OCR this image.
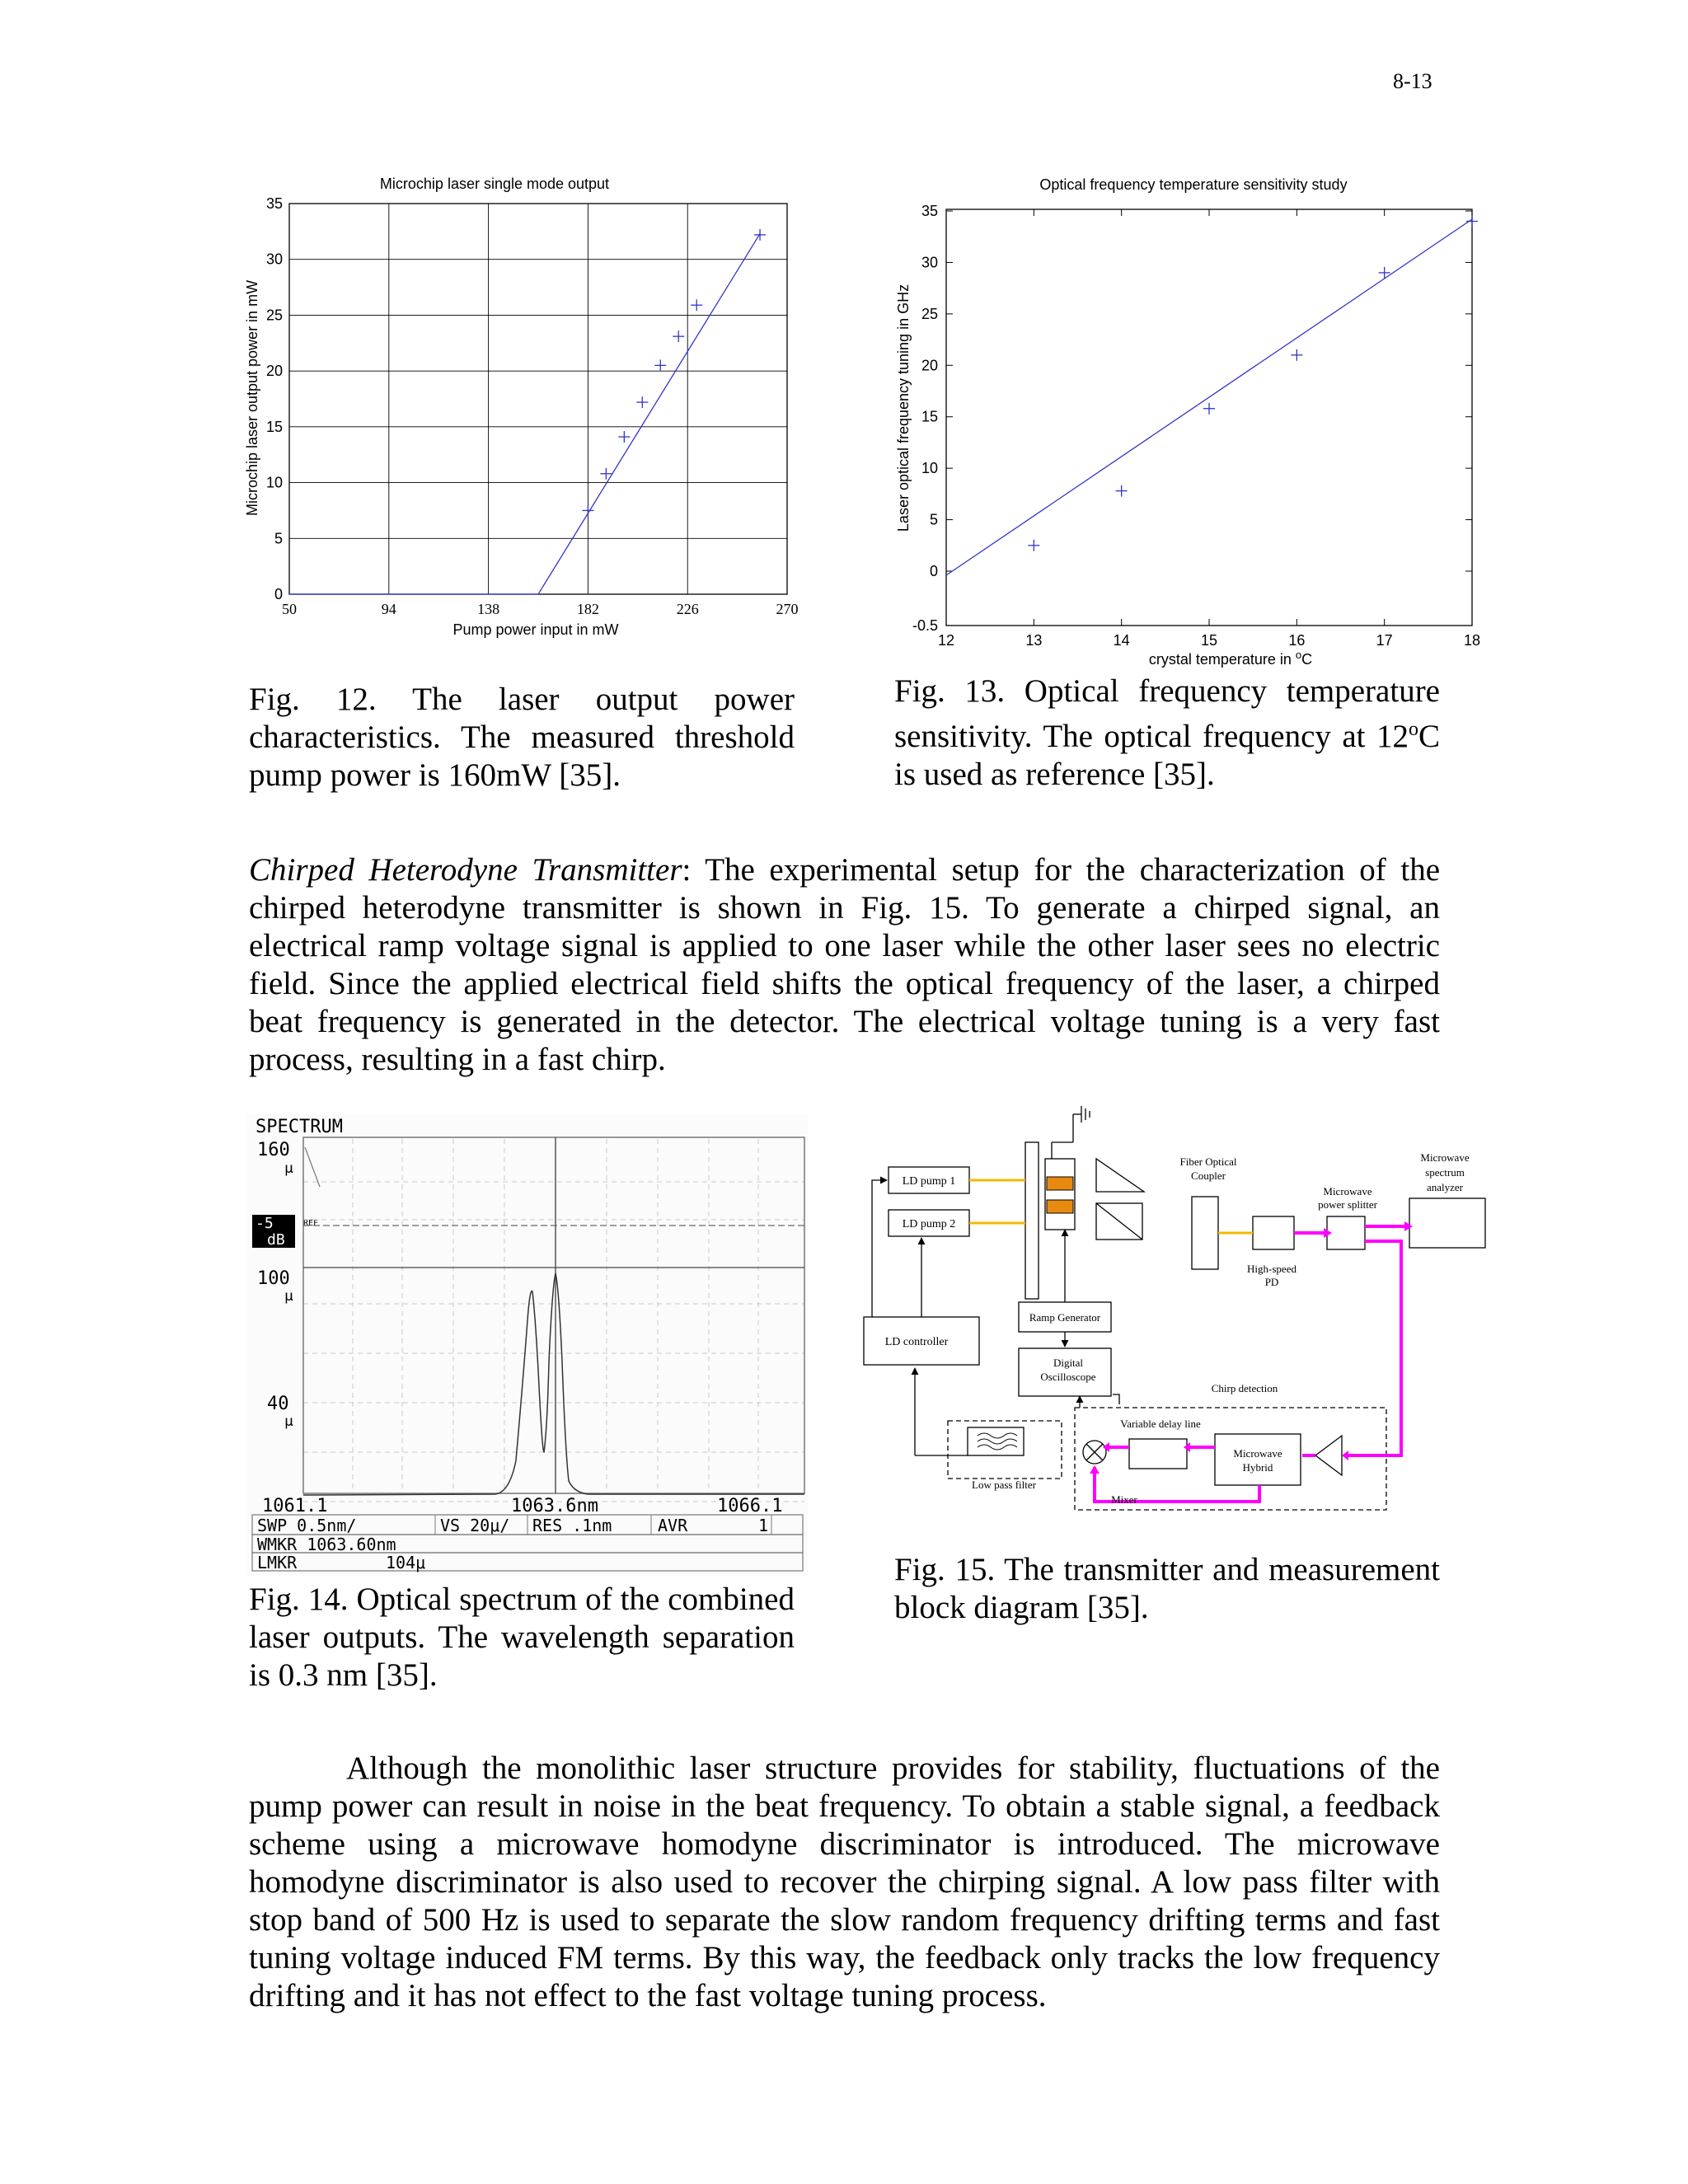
8-13
Microchip laser single mode output
50	94	138	182	226	270
0
5
10
15
20
25
30
35
Pump power input in mW
Microchip laser output power in mW
Fig. 12. The laser output power characteristics. The measured threshold pump power is 160mW [35].
Optical frequency temperature sensitivity study
12	13	14	15	16	17	18
0
5
10
15
20
25
30
35
-0.5
Laser optical frequency tuning in GHz
crystal temperature in $^o$C
Fig. 13. Optical frequency temperature sensitivity. The optical frequency at 12$^o$C is used as reference [35].
Chirped Heterodyne Transmitter: The experimental setup for the characterization of the chirped heterodyne transmitter is shown in Fig. 15. To generate a chirped signal, an electrical ramp voltage signal is applied to one laser while the other laser sees no electric field. Since the applied electrical field shifts the optical frequency of the laser, a chirped beat frequency is generated in the detector. The electrical voltage tuning is a very fast process, resulting in a fast chirp.
SPECTRUM
160
μ
-5
dB
REF
100
μ
40
μ
1061.1	1063.6nm	1066.1
SWP 0.5nm/	VS 20μ/ RES .1nm	AVR	1
WMKR 1063.60nm
LMKR	104μ
Fig. 14. Optical spectrum of the combined laser outputs. The wavelength separation is 0.3 nm [35].
LD pump 1
LD pump 2
LD controller
Ramp Generator
Digital
Oscilloscope
Fiber Optical
Coupler
Microwave
power splitter
Microwave
spectrum
analyzer
High-speed
PD
Chirp detection
Variable delay line
Microwave
Hybrid
Low pass filter
Mixer
Fig. 15. The transmitter and measurement block diagram [35].
Although the monolithic laser structure provides for stability, fluctuations of the pump power can result in noise in the beat frequency. To obtain a stable signal, a feedback scheme using a microwave homodyne discriminator is introduced. The microwave homodyne discriminator is also used to recover the chirping signal. A low pass filter with stop band of 500 Hz is used to separate the slow random frequency drifting terms and fast tuning voltage induced FM terms. By this way, the feedback only tracks the low frequency drifting and it has not effect to the fast voltage tuning process.
